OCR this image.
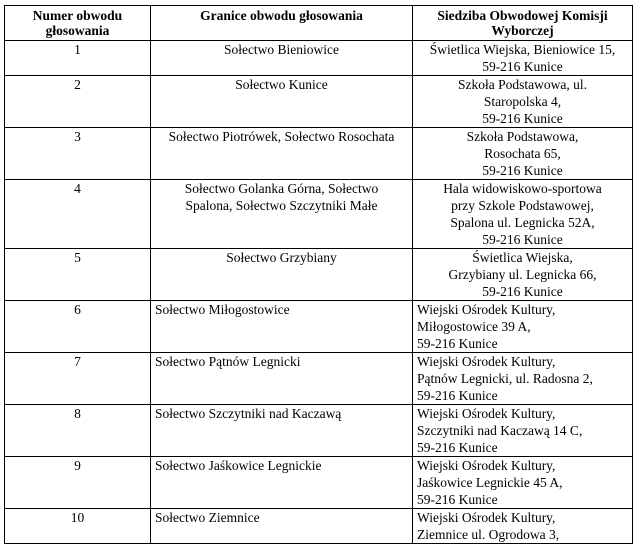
Numer obwodu
głosowania	Granice obwodu głosowania	Siedziba Obwodowej Komisji
Wyborczej

1	Sołectwo Bieniowice	Świetlica Wiejska, Bieniowice 15,
59-216 Kunice

2	Sołectwo Kunice	Szkoła Podstawowa, ul.
Staropolska 4,
59-216 Kunice

3	Sołectwo Piotrówek, Sołectwo Rosochata	Szkoła Podstawowa,
Rosochata 65,
59-216 Kunice

4	Sołectwo Golanka Górna, Sołectwo
Spalona, Sołectwo Szczytniki Małe	Hala widowiskowo-sportowa
przy Szkole Podstawowej,
Spalona ul. Legnicka 52A,
59-216 Kunice

5	Sołectwo Grzybiany	Świetlica Wiejska,
Grzybiany ul. Legnicka 66,
59-216 Kunice

6	Sołectwo Miłogostowice	Wiejski Ośrodek Kultury,
Miłogostowice 39 A,
59-216 Kunice

7	Sołectwo Pątnów Legnicki	Wiejski Ośrodek Kultury,
Pątnów Legnicki, ul. Radosna 2,
59-216 Kunice

8	Sołectwo Szczytniki nad Kaczawą	Wiejski Ośrodek Kultury,
Szczytniki nad Kaczawą 14 C,
59-216 Kunice

9	Sołectwo Jaśkowice Legnickie	Wiejski Ośrodek Kultury,
Jaśkowice Legnickie 45 A,
59-216 Kunice

10	Sołectwo Ziemnice	Wiejski Ośrodek Kultury,
Ziemnice ul. Ogrodowa 3,
